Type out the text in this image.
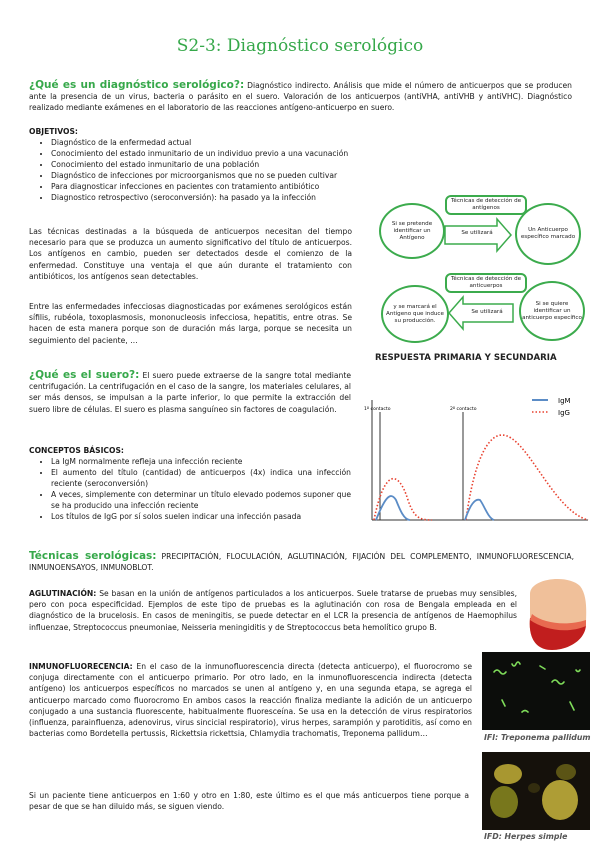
S2-3: Diagnóstico serológico
¿Qué es un diagnóstico serológico?: Diagnóstico indirecto. Análisis que mide el número de anticuerpos que se producen ante la presencia de un virus, bacteria o parásito en el suero. Valoración de los anticuerpos (antiVHA, antiVHB y antiVHC). Diagnóstico realizado mediante exámenes en el laboratorio de las reacciones antígeno-anticuerpo en suero.
OBJETIVOS:
• Diagnóstico de la enfermedad actual
• Conocimiento del estado inmunitario de un individuo previo a una vacunación
• Conocimiento del estado inmunitario de una población
• Diagnóstico de infecciones por microorganismos que no se pueden cultivar
• Para diagnosticar infecciones en pacientes con tratamiento antibiótico
• Diagnostico retrospectivo (seroconversión): ha pasado ya la infección
Las técnicas destinadas a la búsqueda de anticuerpos necesitan del tiempo necesario para que se produzca un aumento significativo del título de anticuerpos. Los antígenos en cambio, pueden ser detectados desde el comienzo de la enfermedad. Constituye una ventaja el que aún durante el tratamiento con antibióticos, los antígenos sean detectables.
Entre las enfermedades infecciosas diagnosticadas por exámenes serológicos están sífilis, rubéola, toxoplasmosis, mononucleosis infecciosa, hepatitis, entre otras. Se hacen de esta manera porque son de duración más larga, porque se necesita un seguimiento del paciente, …
Técnicas de detección de antígenos
Si se pretende identificar un Antígeno
Se utilizará	Un Anticuerpo específico marcado
Técnicas de detección de anticuerpos
y se marcará el Antígeno que induce su producción.
Se utilizará
Si se quiere identificar un anticuerpo específico
RESPUESTA PRIMARIA Y SECUNDARIA
1º contacto	2º contacto
IgM
IgG
¿Qué es el suero?: El suero puede extraerse de la sangre total mediante centrifugación. La centrifugación en el caso de la sangre, los materiales celulares, al ser más densos, se impulsan a la parte inferior, lo que permite la extracción del suero libre de células. El suero es plasma sanguíneo sin factores de coagulación.
CONCEPTOS BÁSICOS:
• La IgM normalmente refleja una infección reciente
• El aumento del título (cantidad) de anticuerpos (4x) indica una infección reciente (seroconversión)
• A veces, simplemente con determinar un título elevado podemos suponer que se ha producido una infección reciente
• Los títulos de IgG por sí solos suelen indicar una infección pasada
Técnicas serológicas: PRECIPITACIÓN, FLOCULACIÓN, AGLUTINACIÓN, FIJACIÓN DEL COMPLEMENTO, INMUNOFLUORESCENCIA, INMUNOENSAYOS, INMUNOBLOT.
AGLUTINACIÓN: Se basan en la unión de antígenos particulados a los anticuerpos. Suele tratarse de pruebas muy sensibles, pero con poca especificidad. Ejemplos de este tipo de pruebas es la aglutinación con rosa de Bengala empleada en el diagnóstico de la brucelosis. En casos de meningitis, se puede detectar en el LCR la presencia de antígenos de Haemophilus influenzae, Streptococcus pneumoniae, Neisseria meningiditis y de Streptococcus beta hemolítico grupo B.
INMUNOFLUORECENCIA: En el caso de la inmunofluorescencia directa (detecta anticuerpo), el fluorocromo se conjuga directamente con el anticuerpo primario. Por otro lado, en la inmunofluorescencia indirecta (detecta antígeno) los anticuerpos específicos no marcados se unen al antígeno y, en una segunda etapa, se agrega el anticuerpo marcado como fluorocromo En ambos casos la reacción finaliza mediante la adición de un anticuerpo conjugado a una sustancia fluorescente, habitualmente fluoresceína. Se usa en la detección de virus respiratorios (influenza, parainfluenza, adenovirus, virus sincicial respiratorio), virus herpes, sarampión y parotiditis, así como en bacterias como Bordetella pertussis, Rickettsia rickettsia, Chlamydia trachomatis, Treponema pallidum…
Si un paciente tiene anticuerpos en 1:60 y otro en 1:80, este último es el que más anticuerpos tiene porque a pesar de que se han diluido más, se siguen viendo.
IFI: Treponema pallidum
IFD: Herpes simple
